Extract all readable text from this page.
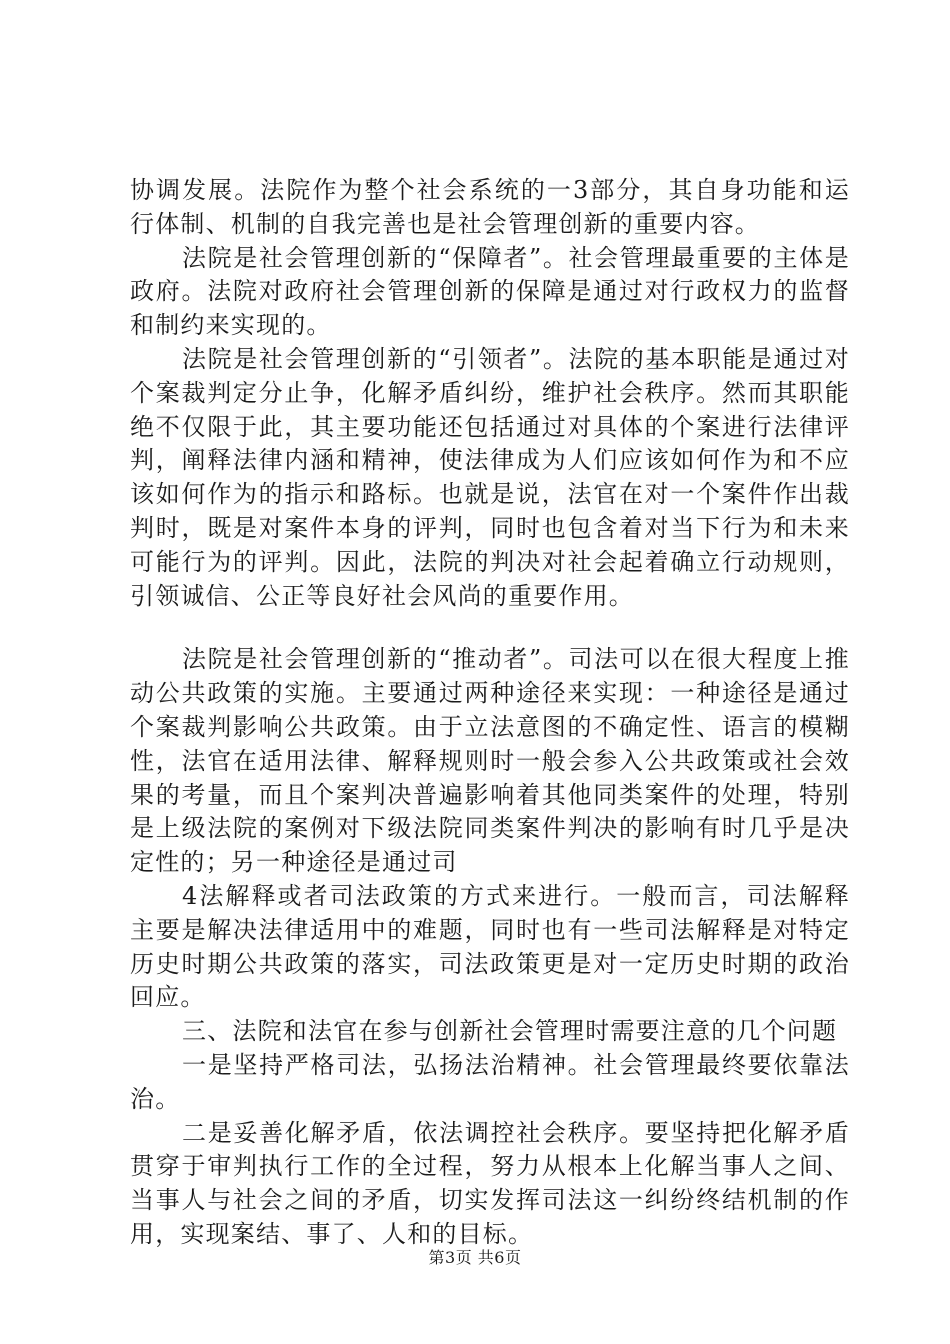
协调发展。法院作为整个社会系统的一3部分，其自身功能和运行体制、机制的自我完善也是社会管理创新的重要内容。

法院是社会管理创新的“保障者”。社会管理最重要的主体是政府。法院对政府社会管理创新的保障是通过对行政权力的监督和制约来实现的。

法院是社会管理创新的“引领者”。法院的基本职能是通过对个案裁判定分止争，化解矛盾纠纷，维护社会秩序。然而其职能绝不仅限于此，其主要功能还包括通过对具体的个案进行法律评判，阐释法律内涵和精神，使法律成为人们应该如何作为和不应该如何作为的指示和路标。也就是说，法官在对一个案件作出裁判时，既是对案件本身的评判，同时也包含着对当下行为和未来可能行为的评判。因此，法院的判决对社会起着确立行动规则，引领诚信、公正等良好社会风尚的重要作用。

法院是社会管理创新的“推动者”。司法可以在很大程度上推动公共政策的实施。主要通过两种途径来实现：一种途径是通过个案裁判影响公共政策。由于立法意图的不确定性、语言的模糊性，法官在适用法律、解释规则时一般会参入公共政策或社会效果的考量，而且个案判决普遍影响着其他同类案件的处理，特别是上级法院的案例对下级法院同类案件判决的影响有时几乎是决定性的；另一种途径是通过司

4法解释或者司法政策的方式来进行。一般而言，司法解释主要是解决法律适用中的难题，同时也有一些司法解释是对特定历史时期公共政策的落实，司法政策更是对一定历史时期的政治回应。

三、法院和法官在参与创新社会管理时需要注意的几个问题

一是坚持严格司法，弘扬法治精神。社会管理最终要依靠法治。

二是妥善化解矛盾，依法调控社会秩序。要坚持把化解矛盾贯穿于审判执行工作的全过程，努力从根本上化解当事人之间、当事人与社会之间的矛盾，切实发挥司法这一纠纷终结机制的作用，实现案结、事了、人和的目标。

第3页 共6页
